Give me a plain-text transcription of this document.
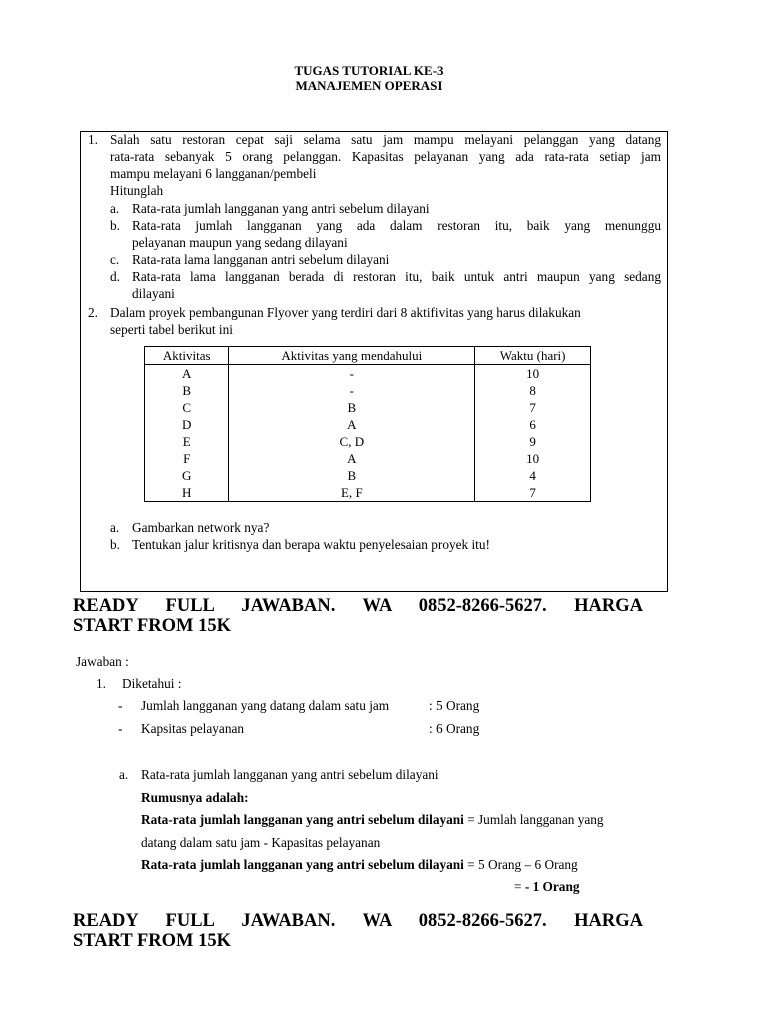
TUGAS TUTORIAL KE-3
MANAJEMEN OPERASI
1. Salah satu restoran cepat saji selama satu jam mampu melayani pelanggan yang datang
rata-rata sebanyak 5 orang pelanggan. Kapasitas pelayanan yang ada rata-rata setiap jam
mampu melayani 6 langganan/pembeli
Hitunglah
a. Rata-rata jumlah langganan yang antri sebelum dilayani
b. Rata-rata jumlah langganan yang ada dalam restoran itu, baik yang menunggu
pelayanan maupun yang sedang dilayani
c. Rata-rata lama langganan antri sebelum dilayani
d. Rata-rata lama langganan berada di restoran itu, baik untuk antri maupun yang sedang
dilayani
2. Dalam proyek pembangunan Flyover yang terdiri dari 8 aktifivitas yang harus dilakukan
seperti tabel berikut ini
Aktivitas	Aktivitas yang mendahului	Waktu (hari)
A	-	10
B	-	8
C	B	7
D	A	6
E	C, D	9
F	A	10
G	B	4
H	E, F	7
a. Gambarkan network nya?
b. Tentukan jalur kritisnya dan berapa waktu penyelesaian proyek itu!
READY FULL JAWABAN. WA 0852-8266-5627. HARGA
START FROM 15K
Jawaban :
1. Diketahui :
- Jumlah langganan yang datang dalam satu jam	: 5 Orang
- Kapsitas pelayanan	: 6 Orang
a. Rata-rata jumlah langganan yang antri sebelum dilayani
Rumusnya adalah:
Rata-rata jumlah langganan yang antri sebelum dilayani = Jumlah langganan yang
datang dalam satu jam - Kapasitas pelayanan
Rata-rata jumlah langganan yang antri sebelum dilayani = 5 Orang – 6 Orang
= - 1 Orang
READY FULL JAWABAN. WA 0852-8266-5627. HARGA
START FROM 15K
